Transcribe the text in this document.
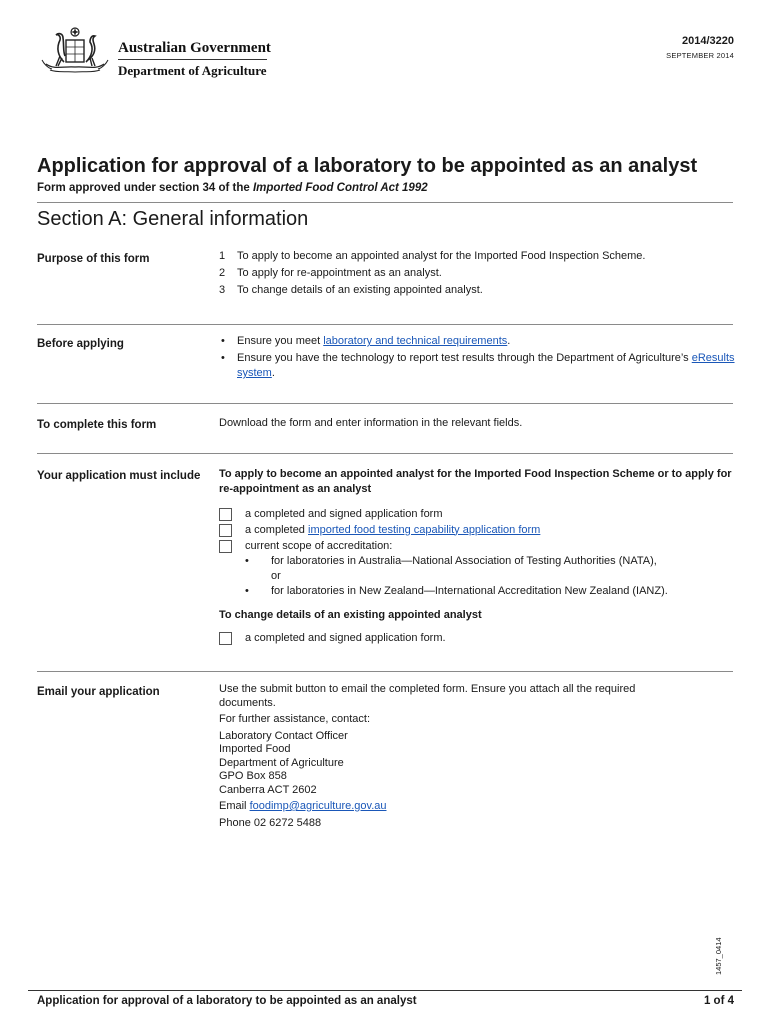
Australian Government
Department of Agriculture
2014/3220
SEPTEMBER 2014
Application for approval of a laboratory to be appointed as an analyst
Form approved under section 34 of the Imported Food Control Act 1992
Section A: General information
Purpose of this form	1 To apply to become an appointed analyst for the Imported Food Inspection Scheme.
2 To apply for re-appointment as an analyst.
3 To change details of an existing appointed analyst.
Before applying	• Ensure you meet laboratory and technical requirements.
• Ensure you have the technology to report test results through the Department of Agriculture’s eResults system.
To complete this form	Download the form and enter information in the relevant fields.
Your application must include	To apply to become an appointed analyst for the Imported Food Inspection Scheme or to apply for re-appointment as an analyst
a completed and signed application form
a completed
imported food testing capability application form
current scope of accreditation:
• for laboratories in Australia—National Association of Testing Authorities (NATA),
or
• for laboratories in New Zealand—International Accreditation New Zealand (IANZ).
To change details of an existing appointed analyst
a completed and signed application form.
Email your application	Use the submit button to email the completed form. Ensure you attach all the required documents.
For further assistance, contact:
Laboratory Contact Officer
Imported Food
Department of Agriculture
GPO Box 858
Canberra ACT 2602
Email foodimp@agriculture.gov.au
Phone 02 6272 5488
1457_0414
Application for approval of a laboratory to be appointed as an analyst	1 of 4
